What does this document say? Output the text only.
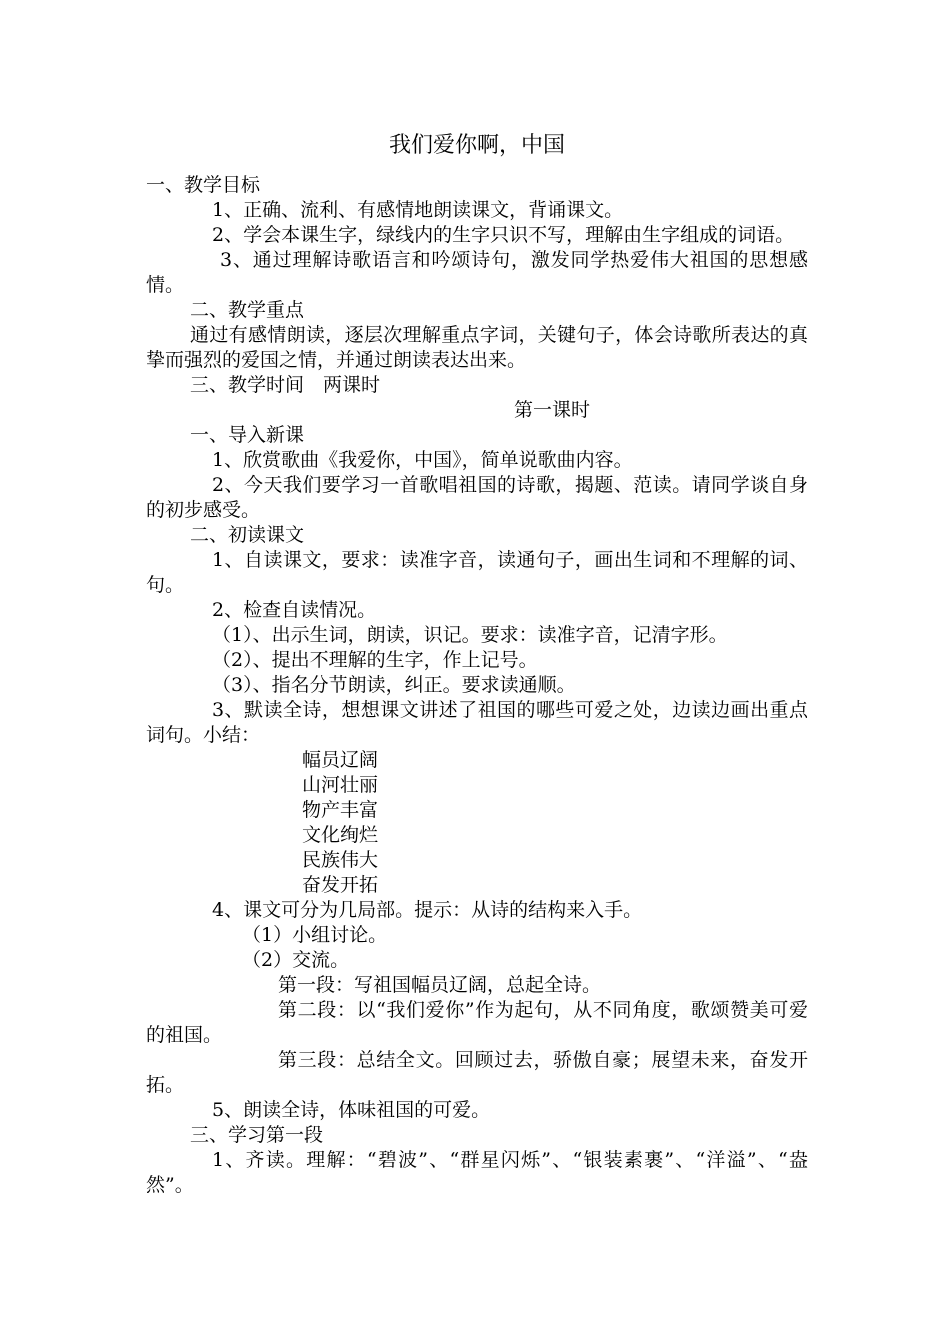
我们爱你啊，中国
一、教学目标
1、正确、流利、有感情地朗读课文，背诵课文。
2、学会本课生字，绿线内的生字只识不写，理解由生字组成的词语。
3、通过理解诗歌语言和吟颂诗句，激发同学热爱伟大祖国的思想感情。
二、教学重点
通过有感情朗读，逐层次理解重点字词，关键句子，体会诗歌所表达的真挚而强烈的爱国之情，并通过朗读表达出来。
三、教学时间　两课时
第一课时
一、导入新课
1、欣赏歌曲《我爱你，中国》，简单说歌曲内容。
2、今天我们要学习一首歌唱祖国的诗歌，揭题、范读。请同学谈自身的初步感受。
二、初读课文
1、自读课文，要求：读准字音，读通句子，画出生词和不理解的词、句。
2、检查自读情况。
（1）、出示生词，朗读，识记。要求：读准字音，记清字形。
（2）、提出不理解的生字，作上记号。
（3）、指名分节朗读，纠正。要求读通顺。
3、默读全诗，想想课文讲述了祖国的哪些可爱之处，边读边画出重点词句。小结：
幅员辽阔
山河壮丽
物产丰富
文化绚烂
民族伟大
奋发开拓
4、课文可分为几局部。提示：从诗的结构来入手。
（1）小组讨论。
（2）交流。
第一段：写祖国幅员辽阔，总起全诗。
第二段：以“我们爱你”作为起句，从不同角度，歌颂赞美可爱的祖国。
第三段：总结全文。回顾过去，骄傲自豪；展望未来，奋发开拓。
5、朗读全诗，体味祖国的可爱。
三、学习第一段
1、齐读。理解：“碧波”、“群星闪烁”、“银装素裹”、“洋溢”、“盎然”。
